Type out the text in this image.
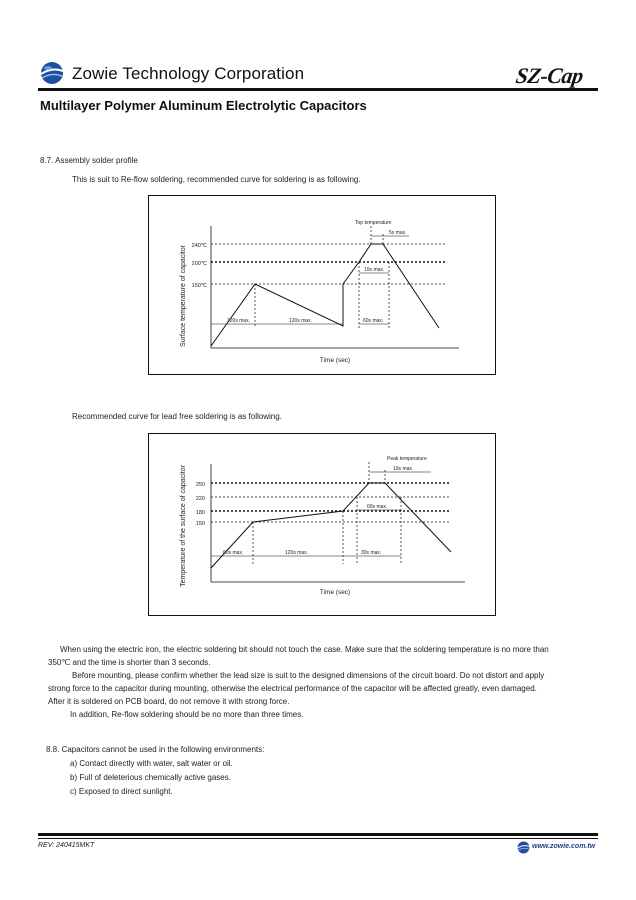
Zowie Technology Corporation	SZ-Cap
Multilayer Polymer Aluminum Electrolytic Capacitors
8.7. Assembly solder profile
This is suit to Re-flow soldering, recommended curve for soldering is as following.
Surface temperature of capacitor
Time (sec)
240℃
200℃
150℃
Top temperature
5s max.
10s max.
120s max.	120s max.	60s max.
Recommended curve for lead free soldering is as following.
Temperature of the surface of capacitor
Time (sec)
250
220
180
150
Peak temperature
10s max.
60s max.
60s max.	120s max.	30s max.

When using the electric iron, the electric soldering bit should not touch the case. Make sure that the soldering temperature is no more than

350℃ and the time is shorter than 3 seconds.

Before mounting, please confirm whether the lead size is suit to the designed dimensions of the circuit board. Do not distort and apply

strong force to the capacitor during mounting, otherwise the electrical performance of the capacitor will be affected greatly, even damaged.

After it is soldered on PCB board, do not remove it with strong force.

In addition, Re-flow soldering should be no more than three times.

8.8. Capacitors cannot be used in the following environments:
a) Contact directly with water, salt water or oil.
b) Full of deleterious chemically active gases.
c) Exposed to direct sunlight.
REV: 240415MKT	www.zowie.com.tw
